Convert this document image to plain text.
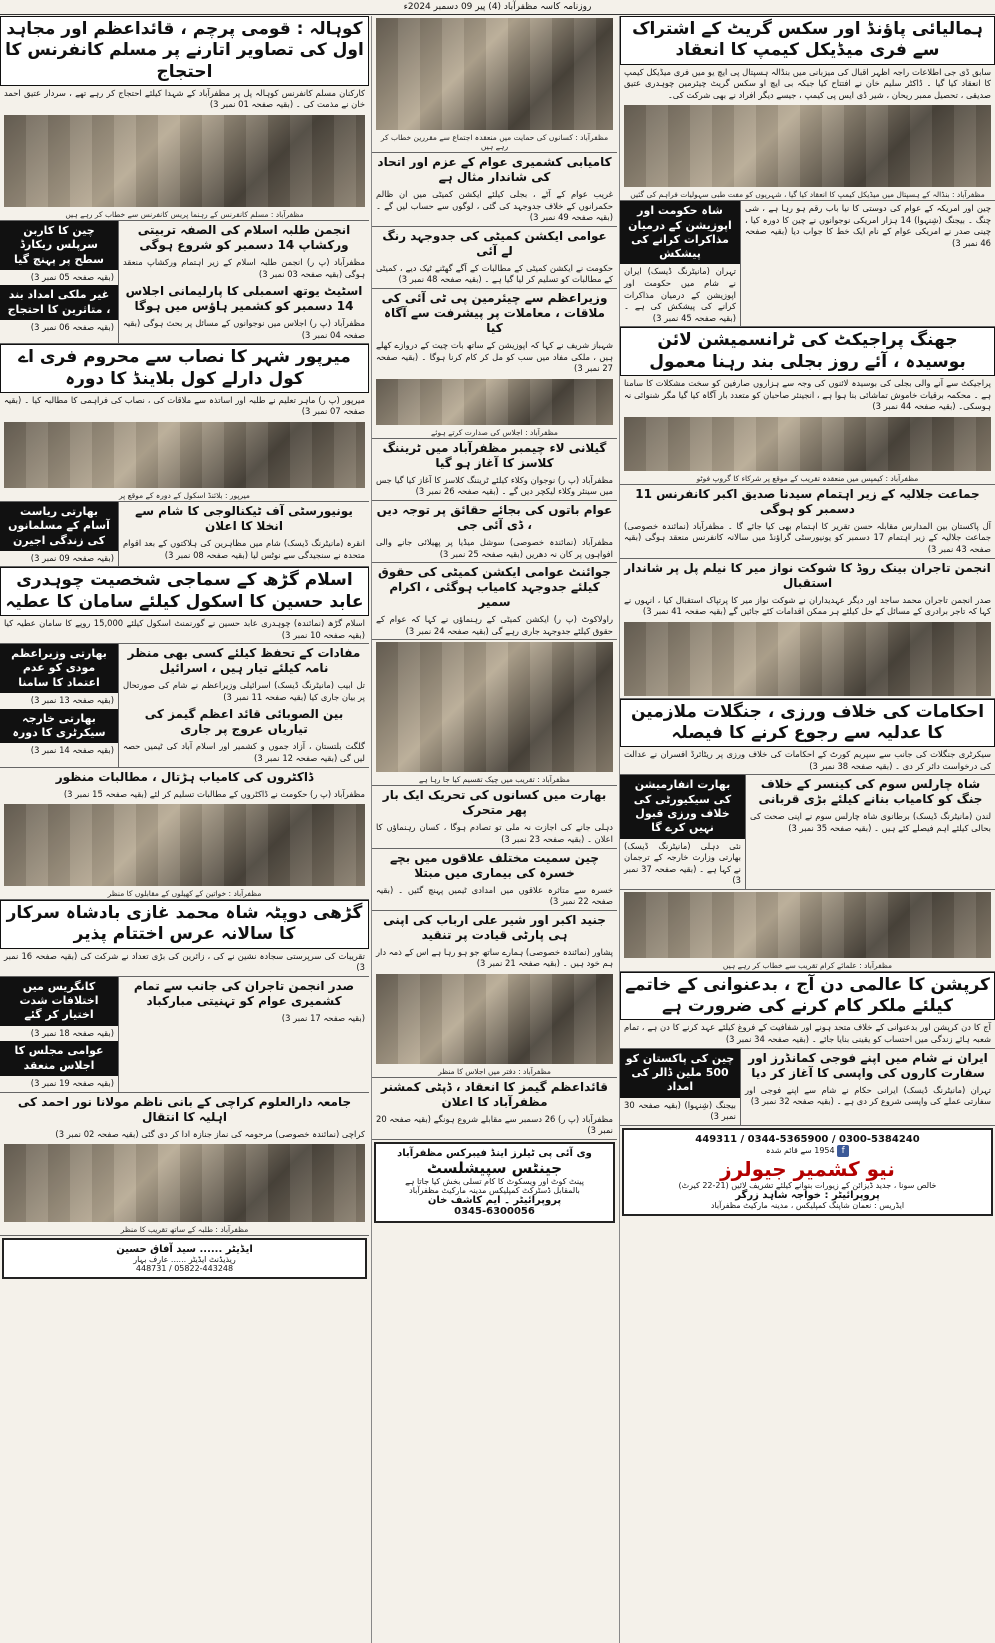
روزنامہ کاسہ مظفرآباد (4) پیر 09 دسمبر 2024ء
ہمالیائی پاؤنڈ اور سکس گریٹ کے اشتراک سے فری میڈیکل کیمپ کا انعقاد
سابق ڈی جی اطلاعات راجہ اظہر اقبال کی میزبانی میں بنڈالہ ہسپتال پی ایچ یو میں فری میڈیکل کیمپ کا انعقاد کیا گیا ۔ ڈاکٹر سلیم خان نے افتتاح کیا جبکہ بی ایچ او سکس گریٹ چیئرمین چوہدری عتیق صدیقی ، تحصیل ممبر ریحان ، شیر ڈی ایس پی کیمپ ، جیسے دیگر افراد نے بھی شرکت کی۔
مظفرآباد : بنڈالہ کے ہسپتال میں میڈیکل کیمپ کا انعقاد کیا گیا ، شہریوں کو مفت طبی سہولیات فراہم کی گئیں
چین اور امریکہ کے عوام کی دوستی کا نیا باب رقم ہو رہا ہے ، شی چنگ ۔ بیجنگ (شِنہوا) 14 ہزار امریکی نوجوانوں نے چین کا دورہ کیا ، چینی صدر نے امریکی عوام کے نام ایک خط کا جواب دیا (بقیہ صفحہ 46 نمبر 3)
شاہ حکومت اور اپوزیشن کے درمیان مذاکرات کرانے کی پیشکش
تہران (مانیٹرنگ ڈیسک) ایران نے شام میں حکومت اور اپوزیشن کے درمیان مذاکرات کرانے کی پیشکش کی ہے ۔ (بقیہ صفحہ 45 نمبر 3)
جھنگ پراجیکٹ کی ٹرانسمیشن لائن بوسیدہ ، آئے روز بجلی بند رہنا معمول
پراجیکٹ سے آنے والی بجلی کی بوسیدہ لائنوں کی وجہ سے ہزاروں صارفین کو سخت مشکلات کا سامنا ہے ۔ محکمہ برقیات خاموش تماشائی بنا ہوا ہے ، انجینئر صاحبان کو متعدد بار آگاہ کیا گیا مگر شنوائی نہ ہوسکی۔ (بقیہ صفحہ 44 نمبر 3)
مظفرآباد : کیمپس میں منعقدہ تقریب کے موقع پر شرکاء کا گروپ فوٹو
جماعت جلالیہ کے زیر اہتمام سیدنا صدیق اکبر کانفرنس 11 دسمبر کو ہوگی
آل پاکستان بین المدارس مقابلہ حسن تقریر کا اہتمام بھی کیا جائے گا ۔ مظفرآباد (نمائندہ خصوصی) جماعت جلالیہ کے زیر اہتمام 17 دسمبر کو یونیورسٹی گراؤنڈ میں سالانہ کانفرنس منعقد ہوگی (بقیہ صفحہ 43 نمبر 3)
انجمن تاجران بینک روڈ کا شوکت نواز میر کا نیلم پل پر شاندار استقبال
صدر انجمن تاجران محمد ساجد اور دیگر عہدیداران نے شوکت نواز میر کا پرتپاک استقبال کیا ، انہوں نے کہا کہ تاجر برادری کے مسائل کے حل کیلئے ہر ممکن اقدامات کئے جائیں گے (بقیہ صفحہ 41 نمبر 3)
احکامات کی خلاف ورزی ، جنگلات ملازمین کا عدلیہ سے رجوع کرنے کا فیصلہ
سیکرٹری جنگلات کی جانب سے سپریم کورٹ کے احکامات کی خلاف ورزی پر ریٹائرڈ افسران نے عدالت کی درخواست دائر کر دی ۔ (بقیہ صفحہ 38 نمبر 3)
شاہ چارلس سوم کی کینسر کے خلاف جنگ کو کامیاب بنانے کیلئے بڑی قربانی
لندن (مانیٹرنگ ڈیسک) برطانوی شاہ چارلس سوم نے اپنی صحت کی بحالی کیلئے اہم فیصلے کئے ہیں ۔ (بقیہ صفحہ 35 نمبر 3)
بھارت انفارمیشن کی سیکیورٹی کی خلاف ورزی قبول نہیں کرے گا
نئی دہلی (مانیٹرنگ ڈیسک) بھارتی وزارت خارجہ کے ترجمان نے کہا ہے ۔ (بقیہ صفحہ 37 نمبر 3)
مظفرآباد : علمائے کرام تقریب سے خطاب کر رہے ہیں
کرپشن کا عالمی دن آج ، بدعنوانی کے خاتمے کیلئے ملکر کام کرنے کی ضرورت ہے
آج کا دن کرپشن اور بدعنوانی کے خلاف متحد ہونے اور شفافیت کے فروغ کیلئے عہد کرنے کا دن ہے ، تمام شعبہ ہائے زندگی میں احتساب کو یقینی بنایا جائے ۔ (بقیہ صفحہ 34 نمبر 3)
ایران نے شام میں اپنے فوجی کمانڈرز اور سفارت کاروں کی واپسی کا آغاز کر دیا
تہران (مانیٹرنگ ڈیسک) ایرانی حکام نے شام سے اپنے فوجی اور سفارتی عملے کی واپسی شروع کر دی ہے ۔ (بقیہ صفحہ 32 نمبر 3)
چین کی پاکستان کو 500 ملین ڈالر کی امداد
بیجنگ (شِنہوا) (بقیہ صفحہ 30 نمبر 3)
0300-5384240 / 0344-5365900 / 449311
f 1954 سے قائم شدہ
نیو کشمیر جیولرز
خالص سونا ، جدید ڈیزائن کے زیورات بنوانے کیلئے تشریف لائیں (21-22 کیرٹ)
پروپرائیٹر : خواجہ شاہد زرگر
ایڈریس : نعمان شاپنگ کمپلیکس ، مدینہ مارکیٹ مظفرآباد
مظفرآباد : کسانوں کی حمایت میں منعقدہ اجتماع سے مقررین خطاب کر رہے ہیں
کامیابی کشمیری عوام کے عزم اور اتحاد کی شاندار مثال ہے
غریب عوام کے آٹے ، بجلی کیلئے ایکشن کمیٹی میں ان ظالم حکمرانوں کے خلاف جدوجہد کی گئی ، لوگوں سے حساب لیں گے ۔ (بقیہ صفحہ 49 نمبر 3)
عوامی ایکشن کمیٹی کی جدوجہد رنگ لے آئی
حکومت نے ایکشن کمیٹی کے مطالبات کے آگے گھٹنے ٹیک دیے ، کمیٹی کے مطالبات کو تسلیم کر لیا گیا ہے ۔ (بقیہ صفحہ 48 نمبر 3)
وزیراعظم سے چیئرمین پی ٹی آئی کی ملاقات ، معاملات پر پیشرفت سے آگاہ کیا
شہباز شریف نے کہا کہ اپوزیشن کے ساتھ بات چیت کے دروازے کھلے ہیں ، ملکی مفاد میں سب کو مل کر کام کرنا ہوگا ۔ (بقیہ صفحہ 27 نمبر 3)
مظفرآباد : اجلاس کی صدارت کرتے ہوئے
گیلانی لاء چیمبر مظفرآباد میں ٹریننگ کلاسز کا آغاز ہو گیا
مظفرآباد (پ ر) نوجوان وکلاء کیلئے ٹریننگ کلاسز کا آغاز کیا گیا جس میں سینئر وکلاء لیکچر دیں گے ۔ (بقیہ صفحہ 26 نمبر 3)
عوام باتوں کی بجائے حقائق پر توجہ دیں ، ڈی آئی جی
مظفرآباد (نمائندہ خصوصی) سوشل میڈیا پر پھیلائی جانے والی افواہوں پر کان نہ دھریں (بقیہ صفحہ 25 نمبر 3)
جوائنٹ عوامی ایکشن کمیٹی کی حقوق کیلئے جدوجہد کامیاب ہوگئی ، اکرام سمیر
راولاکوٹ (پ ر) ایکشن کمیٹی کے رہنماؤں نے کہا کہ عوام کے حقوق کیلئے جدوجہد جاری رہے گی (بقیہ صفحہ 24 نمبر 3)
مظفرآباد : تقریب میں چیک تقسیم کیا جا رہا ہے
بھارت میں کسانوں کی تحریک ایک بار پھر متحرک
دہلی جانے کی اجازت نہ ملی تو تصادم ہوگا ، کسان رہنماؤں کا اعلان ۔ (بقیہ صفحہ 23 نمبر 3)
چین سمیت مختلف علاقوں میں بچے خسرہ کی بیماری میں مبتلا
خسرہ سے متاثرہ علاقوں میں امدادی ٹیمیں پہنچ گئیں ۔ (بقیہ صفحہ 22 نمبر 3)
جنید اکبر اور شیر علی ارباب کی اپنی ہی پارٹی قیادت پر تنقید
پشاور (نمائندہ خصوصی) ہمارے ساتھ جو ہو رہا ہے اس کے ذمہ دار ہم خود ہیں ۔ (بقیہ صفحہ 21 نمبر 3)
مظفرآباد : دفتر میں اجلاس کا منظر
قائداعظم گیمز کا انعقاد ، ڈپٹی کمشنر مظفرآباد کا اعلان
مظفرآباد (پ ر) 26 دسمبر سے مقابلے شروع ہونگے (بقیہ صفحہ 20 نمبر 3)
وی آئی پی ٹیلرز اینڈ فیبرکس مظفرآباد
جینٹس سپیشلسٹ
پینٹ کوٹ اور ویسکوٹ کا کام تسلی بخش کیا جاتا ہے
بالمقابل ڈسٹرکٹ کمپلیکس مدینہ مارکیٹ مظفرآباد
پروپرائیٹر ۔ ایم کاشف خان
0345-6300056
کوہالہ : قومی پرچم ، قائداعظم اور مجاہد اول کی تصاویر اتارنے پر مسلم کانفرنس کا احتجاج
کارکنان مسلم کانفرنس کوہالہ پل پر مظفرآباد کے شہدا کیلئے احتجاج کر رہے تھے ، سردار عتیق احمد خان نے مذمت کی ۔ (بقیہ صفحہ 01 نمبر 3)
مظفرآباد : مسلم کانفرنس کے رہنما پریس کانفرنس سے خطاب کر رہے ہیں
انجمن طلبہ اسلام کی الصفہ تربیتی ورکشاپ 14 دسمبر کو شروع ہوگی
مظفرآباد (پ ر) انجمن طلبہ اسلام کے زیر اہتمام ورکشاپ منعقد ہوگی (بقیہ صفحہ 03 نمبر 3)
اسٹیٹ یوتھ اسمبلی کا پارلیمانی اجلاس 14 دسمبر کو کشمیر ہاؤس میں ہوگا
مظفرآباد (پ ر) اجلاس میں نوجوانوں کے مسائل پر بحث ہوگی (بقیہ صفحہ 04 نمبر 3)
چین کا کاربن سرپلس ریکارڈ سطح پر پہنچ گیا
(بقیہ صفحہ 05 نمبر 3)
غیر ملکی امداد بند ، متاثرین کا احتجاج
(بقیہ صفحہ 06 نمبر 3)
میرپور شہر کا نصاب سے محروم فری اے کول دارلے کول بلاینڈ کا دورہ
میرپور (پ ر) ماہر تعلیم نے طلبہ اور اساتذہ سے ملاقات کی ، نصاب کی فراہمی کا مطالبہ کیا ۔ (بقیہ صفحہ 07 نمبر 3)
میرپور : بلائنڈ اسکول کے دورہ کے موقع پر
یونیورسٹی آف ٹیکنالوجی کا شام سے انخلا کا اعلان
انقرہ (مانیٹرنگ ڈیسک) شام میں مظاہرین کی ہلاکتوں کے بعد اقوام متحدہ نے سنجیدگی سے نوٹس لیا (بقیہ صفحہ 08 نمبر 3)
بھارتی ریاست آسام کے مسلمانوں کی زندگی اجیرن
(بقیہ صفحہ 09 نمبر 3)
اسلام گڑھ کے سماجی شخصیت چوہدری عابد حسین کا اسکول کیلئے سامان کا عطیہ
اسلام گڑھ (نمائندہ) چوہدری عابد حسین نے گورنمنٹ اسکول کیلئے 15,000 روپے کا سامان عطیہ کیا (بقیہ صفحہ 10 نمبر 3)
مفادات کے تحفظ کیلئے کسی بھی منظر نامہ کیلئے تیار ہیں ، اسرائیل
تل ابیب (مانیٹرنگ ڈیسک) اسرائیلی وزیراعظم نے شام کی صورتحال پر بیان جاری کیا (بقیہ صفحہ 11 نمبر 3)
بین الصوبائی قائد اعظم گیمز کی تیاریاں عروج پر جاری
گلگت بلتستان ، آزاد جموں و کشمیر اور اسلام آباد کی ٹیمیں حصہ لیں گی (بقیہ صفحہ 12 نمبر 3)
بھارتی وزیراعظم مودی کو عدم اعتماد کا سامنا
(بقیہ صفحہ 13 نمبر 3)
بھارتی خارجہ سیکرٹری کا دورہ
(بقیہ صفحہ 14 نمبر 3)
ڈاکٹروں کی کامیاب ہڑتال ، مطالبات منظور
مظفرآباد (پ ر) حکومت نے ڈاکٹروں کے مطالبات تسلیم کر لئے (بقیہ صفحہ 15 نمبر 3)
مظفرآباد : خواتین کے کھیلوں کے مقابلوں کا منظر
گڑھی دوپٹہ شاہ محمد غازی بادشاہ سرکار کا سالانہ عرس اختتام پذیر
تقریبات کی سرپرستی سجادہ نشین نے کی ، زائرین کی بڑی تعداد نے شرکت کی (بقیہ صفحہ 16 نمبر 3)
صدر انجمن تاجران کی جانب سے تمام کشمیری عوام کو تہنیتی مبارکباد
(بقیہ صفحہ 17 نمبر 3)
کانگریس میں اختلافات شدت اختیار کر گئے
(بقیہ صفحہ 18 نمبر 3)
عوامی مجلس کا اجلاس منعقد
(بقیہ صفحہ 19 نمبر 3)
جامعہ دارالعلوم کراچی کے بانی ناظم مولانا نور احمد کی اہلیہ کا انتقال
کراچی (نمائندہ خصوصی) مرحومہ کی نماز جنازہ ادا کر دی گئی (بقیہ صفحہ 02 نمبر 3)
مظفرآباد : طلبہ کے ساتھ تقریب کا منظر
ایڈیٹر ...... سید آفاق حسین
ریذیڈنٹ ایڈیٹر ...... عارف بہار
05822-443248 / 448731
